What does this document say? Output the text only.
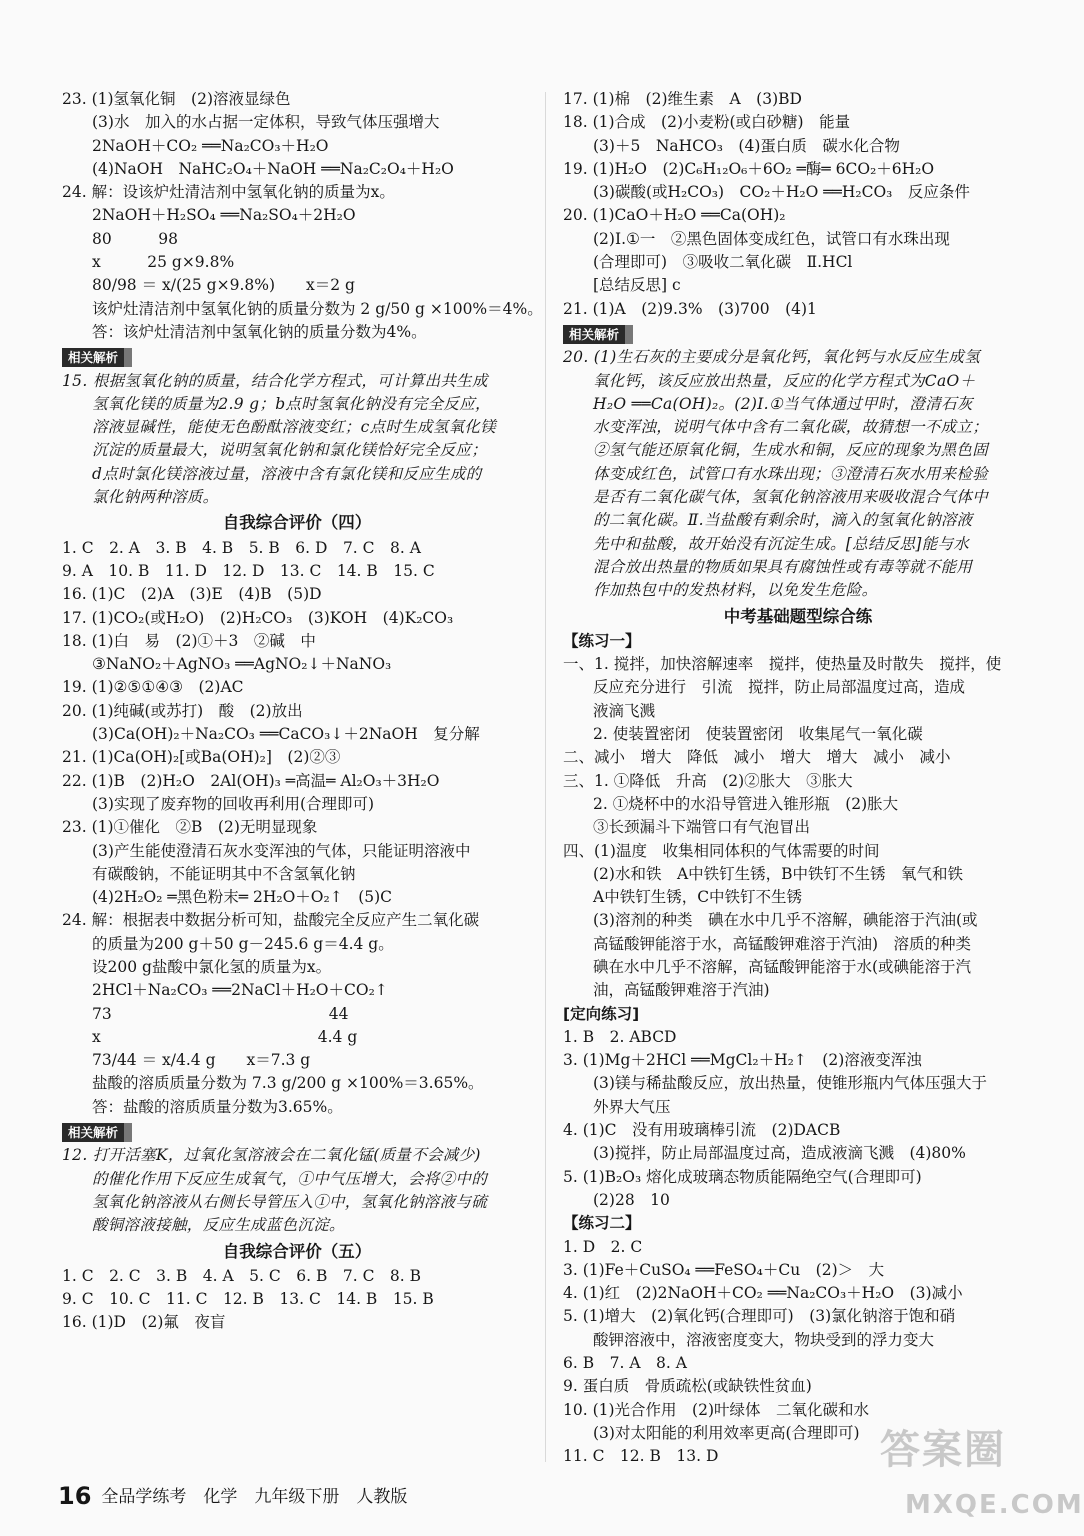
23. (1)氢氧化铜　(2)溶液显绿色
(3)水　加入的水占据一定体积，导致气体压强增大
2NaOH＋CO₂ ══Na₂CO₃＋H₂O
(4)NaOH　NaHC₂O₄＋NaOH ══Na₂C₂O₄＋H₂O
24. 解：设该炉灶清洁剂中氢氧化钠的质量为x。
2NaOH＋H₂SO₄ ══Na₂SO₄＋2H₂O
80　　　98
x　　　25 g×9.8%
80/98 ＝ x/(25 g×9.8%)　　x＝2 g
该炉灶清洁剂中氢氧化钠的质量分数为 2 g/50 g ×100%＝4%。
答：该炉灶清洁剂中氢氧化钠的质量分数为4%。
相关解析
15. 根据氢氧化钠的质量，结合化学方程式，可计算出共生成
氢氧化镁的质量为2.9 g；b点时氢氧化钠没有完全反应，
溶液显碱性，能使无色酚酞溶液变红；c点时生成氢氧化镁
沉淀的质量最大，说明氢氧化钠和氯化镁恰好完全反应；
d点时氯化镁溶液过量，溶液中含有氯化镁和反应生成的
氯化钠两种溶质。
自我综合评价（四）
1. C　2. A　3. B　4. B　5. B　6. D　7. C　8. A
9. A　10. B　11. D　12. D　13. C　14. B　15. C
16. (1)C　(2)A　(3)E　(4)B　(5)D
17. (1)CO₂(或H₂O)　(2)H₂CO₃　(3)KOH　(4)K₂CO₃
18. (1)白　易　(2)①＋3　②碱　中
③NaNO₂＋AgNO₃ ══AgNO₂↓＋NaNO₃
19. (1)②⑤①④③　(2)AC
20. (1)纯碱(或苏打)　酸　(2)放出
(3)Ca(OH)₂＋Na₂CO₃ ══CaCO₃↓＋2NaOH　复分解
21. (1)Ca(OH)₂[或Ba(OH)₂]　(2)②③
22. (1)B　(2)H₂O　2Al(OH)₃ ═高温═ Al₂O₃＋3H₂O
(3)实现了废弃物的回收再利用(合理即可)
23. (1)①催化　②B　(2)无明显现象
(3)产生能使澄清石灰水变浑浊的气体，只能证明溶液中
有碳酸钠，不能证明其中不含氢氧化钠
(4)2H₂O₂ ═黑色粉末═ 2H₂O＋O₂↑　(5)C
24. 解：根据表中数据分析可知，盐酸完全反应产生二氧化碳
的质量为200 g＋50 g－245.6 g＝4.4 g。
设200 g盐酸中氯化氢的质量为x。
2HCl＋Na₂CO₃ ══2NaCl＋H₂O＋CO₂↑
73　　　　　　　　　　　　　　44
x　　　　　　　　　　　　　　4.4 g
73/44 ＝ x/4.4 g　　x＝7.3 g
盐酸的溶质质量分数为 7.3 g/200 g ×100%＝3.65%。
答：盐酸的溶质质量分数为3.65%。
相关解析
12. 打开活塞K，过氧化氢溶液会在二氧化锰(质量不会减少)
的催化作用下反应生成氧气，①中气压增大，会将②中的
氢氧化钠溶液从右侧长导管压入①中，氢氧化钠溶液与硫
酸铜溶液接触，反应生成蓝色沉淀。
自我综合评价（五）
1. C　2. C　3. B　4. A　5. C　6. B　7. C　8. B
9. C　10. C　11. C　12. B　13. C　14. B　15. B
16. (1)D　(2)氟　夜盲
17. (1)棉　(2)维生素　A　(3)BD
18. (1)合成　(2)小麦粉(或白砂糖)　能量
(3)＋5　NaHCO₃　(4)蛋白质　碳水化合物
19. (1)H₂O　(2)C₆H₁₂O₆＋6O₂ ═酶═ 6CO₂＋6H₂O
(3)碳酸(或H₂CO₃)　CO₂＋H₂O ══H₂CO₃　反应条件
20. (1)CaO＋H₂O ══Ca(OH)₂
(2)Ⅰ.①一　②黑色固体变成红色，试管口有水珠出现
(合理即可)　③吸收二氧化碳　Ⅱ.HCl
[总结反思] c
21. (1)A　(2)9.3%　(3)700　(4)1
相关解析
20. (1)生石灰的主要成分是氧化钙，氧化钙与水反应生成氢
氧化钙，该反应放出热量，反应的化学方程式为CaO＋
H₂O ══Ca(OH)₂。(2)Ⅰ.①当气体通过甲时，澄清石灰
水变浑浊，说明气体中含有二氧化碳，故猜想一不成立；
②氢气能还原氧化铜，生成水和铜，反应的现象为黑色固
体变成红色，试管口有水珠出现；③澄清石灰水用来检验
是否有二氧化碳气体，氢氧化钠溶液用来吸收混合气体中
的二氧化碳。Ⅱ.当盐酸有剩余时，滴入的氢氧化钠溶液
先中和盐酸，故开始没有沉淀生成。[总结反思]能与水
混合放出热量的物质如果具有腐蚀性或有毒等就不能用
作加热包中的发热材料，以免发生危险。
中考基础题型综合练
【练习一】
一、1. 搅拌，加快溶解速率　搅拌，使热量及时散失　搅拌，使
反应充分进行　引流　搅拌，防止局部温度过高，造成
液滴飞溅
2. 使装置密闭　使装置密闭　收集尾气一氧化碳
二、减小　增大　降低　减小　增大　增大　减小　减小
三、1. ①降低　升高　(2)②胀大　③胀大
2. ①烧杯中的水沿导管进入锥形瓶　(2)胀大
③长颈漏斗下端管口有气泡冒出
四、(1)温度　收集相同体积的气体需要的时间
(2)水和铁　A中铁钉生锈，B中铁钉不生锈　氧气和铁
A中铁钉生锈，C中铁钉不生锈
(3)溶剂的种类　碘在水中几乎不溶解，碘能溶于汽油(或
高锰酸钾能溶于水，高锰酸钾难溶于汽油)　溶质的种类
碘在水中几乎不溶解，高锰酸钾能溶于水(或碘能溶于汽
油，高锰酸钾难溶于汽油)
[定向练习]
1. B　2. ABCD
3. (1)Mg＋2HCl ══MgCl₂＋H₂↑　(2)溶液变浑浊
(3)镁与稀盐酸反应，放出热量，使锥形瓶内气体压强大于
外界大气压
4. (1)C　没有用玻璃棒引流　(2)DACB
(3)搅拌，防止局部温度过高，造成液滴飞溅　(4)80%
5. (1)B₂O₃ 熔化成玻璃态物质能隔绝空气(合理即可)
(2)28　10
【练习二】
1. D　2. C
3. (1)Fe＋CuSO₄ ══FeSO₄＋Cu　(2)＞　大
4. (1)红　(2)2NaOH＋CO₂ ══Na₂CO₃＋H₂O　(3)减小
5. (1)增大　(2)氧化钙(合理即可)　(3)氯化钠溶于饱和硝
酸钾溶液中，溶液密度变大，物块受到的浮力变大
6. B　7. A　8. A
9. 蛋白质　骨质疏松(或缺铁性贫血)
10. (1)光合作用　(2)叶绿体　二氧化碳和水
(3)对太阳能的利用效率更高(合理即可)
11. C　12. B　13. D
16 全品学练考　化学　九年级下册　人教版
答案圈
MXQE.COM
